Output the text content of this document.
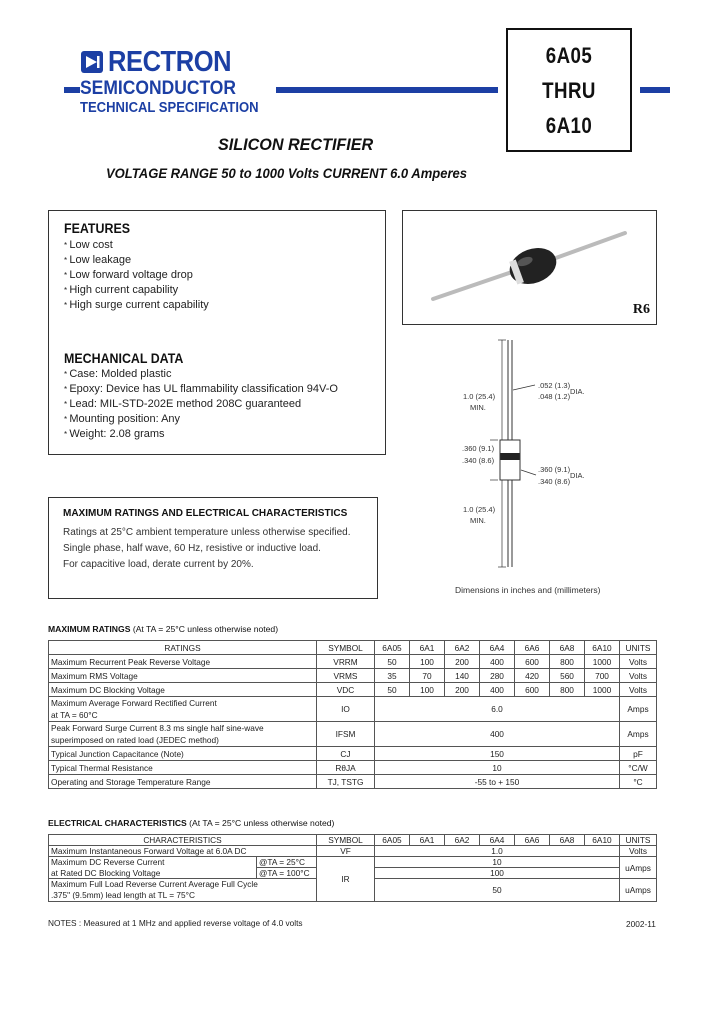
RECTRON
SEMICONDUCTOR
TECHNICAL SPECIFICATION
6A05
THRU
6A10
SILICON RECTIFIER
VOLTAGE RANGE 50 to 1000 Volts CURRENT 6.0 Amperes
FEATURES
* Low cost
* Low leakage
* Low forward voltage drop
* High current capability
* High surge current capability
MECHANICAL DATA
* Case: Molded plastic
* Epoxy: Device has UL flammability classification 94V-O
* Lead: MIL-STD-202E method 208C guaranteed
* Mounting position: Any
* Weight: 2.08 grams
R6
.052 (1.3)
.048 (1.2)
DIA.
1.0 (25.4)
MIN.
.360 (9.1)
.340 (8.6)
.360 (9.1)
.340 (8.6)
DIA.
1.0 (25.4)
MIN.
Dimensions in inches and (millimeters)
MAXIMUM RATINGS AND ELECTRICAL CHARACTERISTICS
Ratings at 25°C ambient temperature unless otherwise specified.
Single phase, half wave, 60 Hz, resistive or inductive load.
For capacitive load, derate current by 20%.
MAXIMUM RATINGS (At TA = 25°C unless otherwise noted)
RATINGS	SYMBOL	6A05	6A1	6A2	6A4	6A6	6A8	6A10	UNITS
Maximum Recurrent Peak Reverse Voltage	VRRM	50	100	200	400	600	800	1000	Volts
Maximum RMS Voltage	VRMS	35	70	140	280	420	560	700	Volts
Maximum DC Blocking Voltage	VDC	50	100	200	400	600	800	1000	Volts

Maximum Average Forward Rectified Current
at TA = 60°C	IO	6.0							Amps

Peak Forward Surge Current 8.3 ms single half sine-wave
superimposed on rated load (JEDEC method)	IFSM	400							Amps
Typical Junction Capacitance (Note)	CJ	150							pF
Typical Thermal Resistance	RθJA	10							°C/W
Operating and Storage Temperature Range	TJ, TSTG	-55 to + 150							°C
ELECTRICAL CHARACTERISTICS (At TA = 25°C unless otherwise noted)
CHARACTERISTICS		SYMBOL	6A05	6A1	6A2	6A4	6A6	6A8	6A10	UNITS
Maximum Instantaneous Forward Voltage at 6.0A DC		VF	1.0							Volts
Maximum DC Reverse Current	@TA = 25°C	IR	10							uAmps
at Rated DC Blocking Voltage	@TA = 100°C		100							

Maximum Full Load Reverse Current Average Full Cycle
.375" (9.5mm) lead length at TL = 75°C			50							uAmps
NOTES : Measured at 1 MHz and applied reverse voltage of 4.0 volts	2002-11
